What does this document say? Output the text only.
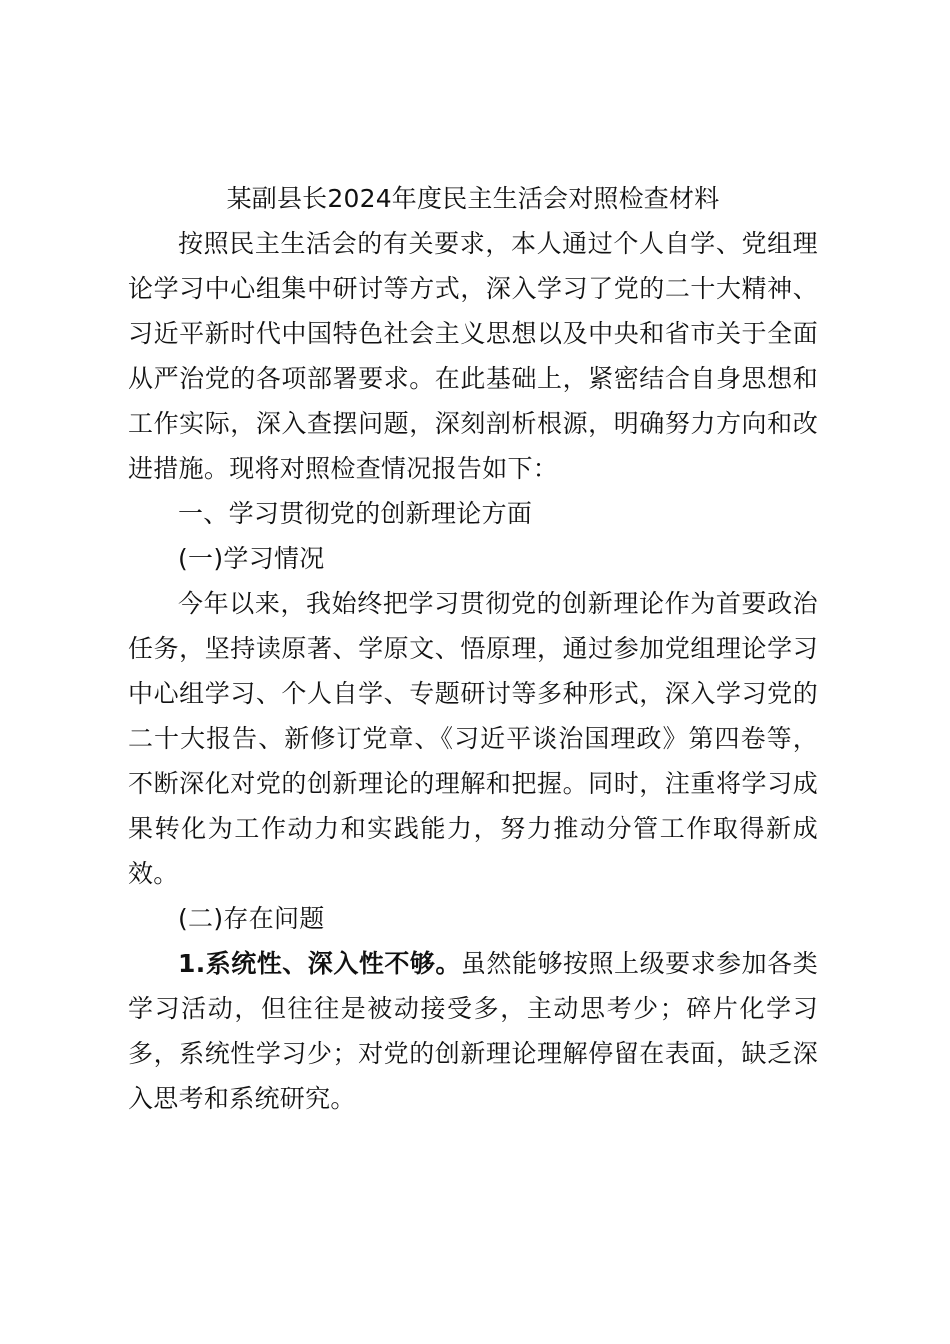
某副县长2024年度民主生活会对照检查材料

按照民主生活会的有关要求，本人通过个人自学、党组理论学习中心组集中研讨等方式，深入学习了党的二十大精神、习近平新时代中国特色社会主义思想以及中央和省市关于全面从严治党的各项部署要求。在此基础上，紧密结合自身思想和工作实际，深入查摆问题，深刻剖析根源，明确努力方向和改进措施。现将对照检查情况报告如下：

一、学习贯彻党的创新理论方面

(一)学习情况

今年以来，我始终把学习贯彻党的创新理论作为首要政治任务，坚持读原著、学原文、悟原理，通过参加党组理论学习中心组学习、个人自学、专题研讨等多种形式，深入学习党的二十大报告、新修订党章、《习近平谈治国理政》第四卷等，不断深化对党的创新理论的理解和把握。同时，注重将学习成果转化为工作动力和实践能力，努力推动分管工作取得新成效。

(二)存在问题

1.系统性、深入性不够。虽然能够按照上级要求参加各类学习活动，但往往是被动接受多，主动思考少；碎片化学习多，系统性学习少；对党的创新理论理解停留在表面，缺乏深入思考和系统研究。
